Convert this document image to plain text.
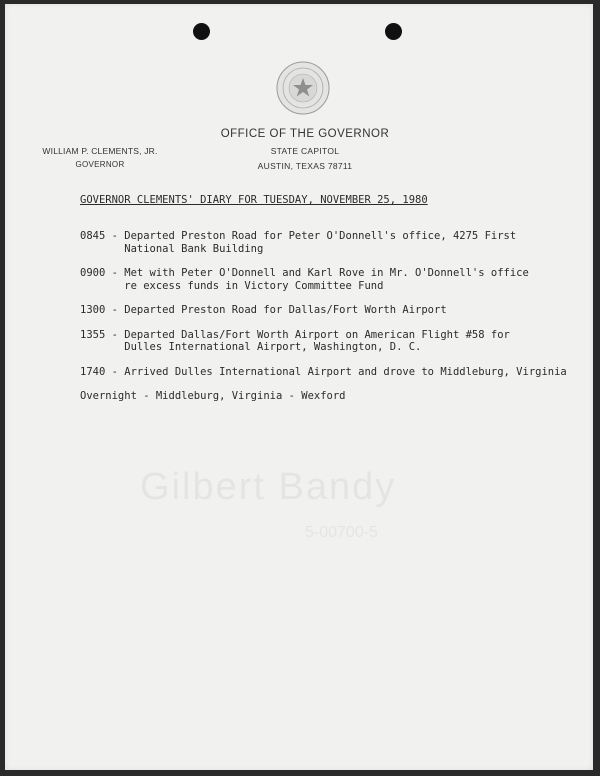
OFFICE OF THE GOVERNOR
STATE CAPITOL
AUSTIN, TEXAS 78711
WILLIAM P. CLEMENTS, JR.
GOVERNOR
GOVERNOR CLEMENTS' DIARY FOR TUESDAY, NOVEMBER 25, 1980
0845 - Departed Preston Road for Peter O'Donnell's office, 4275 First
National Bank Building
0900 - Met with Peter O'Donnell and Karl Rove in Mr. O'Donnell's office
re excess funds in Victory Committee Fund
1300 - Departed Preston Road for Dallas/Fort Worth Airport
1355 - Departed Dallas/Fort Worth Airport on American Flight #58 for
Dulles International Airport, Washington, D. C.
1740 - Arrived Dulles International Airport and drove to Middleburg, Virginia
Overnight - Middleburg, Virginia - Wexford
Gilbert Bandy
5-00700-5
